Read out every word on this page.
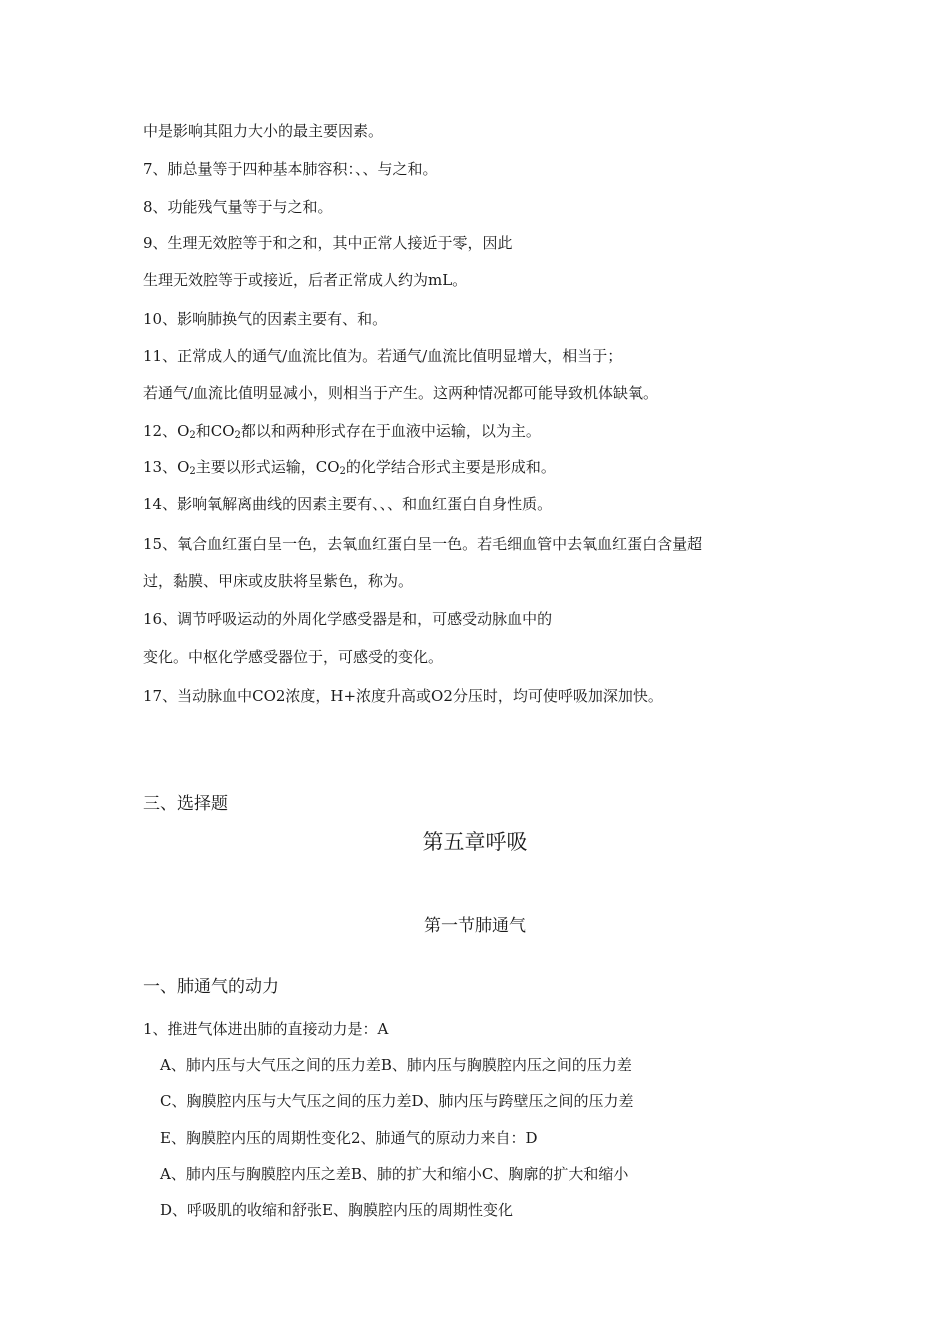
中是影响其阻力大小的最主要因素。
7、肺总量等于四种基本肺容积：、、与之和。
8、功能残气量等于与之和。
9、生理无效腔等于和之和，其中正常人接近于零，因此
生理无效腔等于或接近，后者正常成人约为mL。
10、影响肺换气的因素主要有、和。
11、正常成人的通气/血流比值为。若通气/血流比值明显增大，相当于；
若通气/血流比值明显减小，则相当于产生。这两种情况都可能导致机体缺氧。
12、$O_2$和$CO_2$都以和两种形式存在于血液中运输，以为主。
13、$O_2$主要以形式运输，$CO_2$的化学结合形式主要是形成和。
14、影响氧解离曲线的因素主要有、、、和血红蛋白自身性质。
15、氧合血红蛋白呈一色，去氧血红蛋白呈一色。若毛细血管中去氧血红蛋白含量超
过，黏膜、甲床或皮肤将呈紫色，称为。
16、调节呼吸运动的外周化学感受器是和，可感受动脉血中的
变化。中枢化学感受器位于，可感受的变化。
17、当动脉血中CO2浓度，H+浓度升高或O2分压时，均可使呼吸加深加快。
三、选择题
第五章呼吸
第一节肺通气
一、肺通气的动力
1、推进气体进出肺的直接动力是：A
A、肺内压与大气压之间的压力差B、肺内压与胸膜腔内压之间的压力差
C、胸膜腔内压与大气压之间的压力差D、肺内压与跨壁压之间的压力差
E、胸膜腔内压的周期性变化2、肺通气的原动力来自：D
A、肺内压与胸膜腔内压之差B、肺的扩大和缩小C、胸廓的扩大和缩小
D、呼吸肌的收缩和舒张E、胸膜腔内压的周期性变化
